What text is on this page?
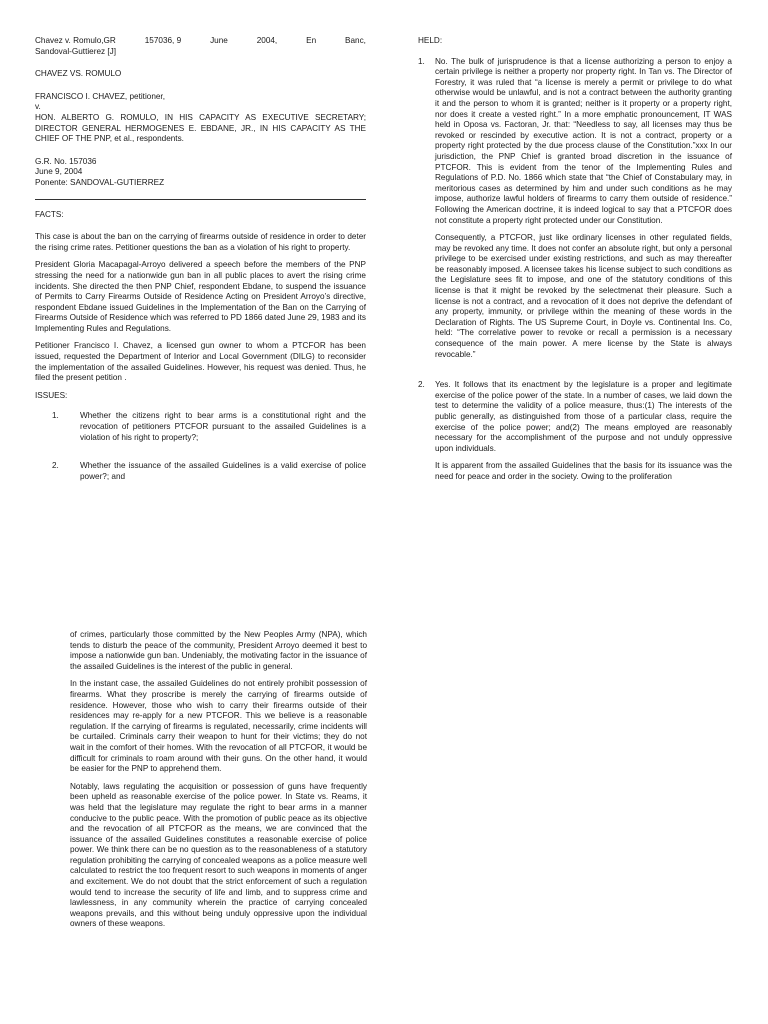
Chavez v. Romulo,GR	157036, 9	June	2004,	En	Banc,
Sandoval-Guttierez [J]
CHAVEZ VS. ROMULO
FRANCISCO I. CHAVEZ, petitioner,
v.

HON. ALBERTO G. ROMULO, IN HIS CAPACITY AS EXECUTIVE SECRETARY; DIRECTOR GENERAL HERMOGENES E. EBDANE, JR., IN HIS CAPACITY AS THE CHIEF OF THE PNP, et al., respondents.

G.R. No. 157036
June 9, 2004
Ponente: SANDOVAL-GUTIERREZ
FACTS:

This case is about the ban on the carrying of firearms outside of residence in order to deter the rising crime rates. Petitioner questions the ban as a violation of his right to property.

President Gloria Macapagal-Arroyo delivered a speech before the members of the PNP stressing the need for a nationwide gun ban in all public places to avert the rising crime incidents. She directed the then PNP Chief, respondent Ebdane, to suspend the issuance of Permits to Carry Firearms Outside of Residence Acting on President Arroyo’s directive, respondent Ebdane issued Guidelines in the Implementation of the Ban on the Carrying of Firearms Outside of Residence which was referred to PD 1866 dated June 29, 1983 and its Implementing Rules and Regulations.

Petitioner Francisco I. Chavez, a licensed gun owner to whom a PTCFOR has been issued, requested the Department of Interior and Local Government (DILG) to reconsider the implementation of the assailed Guidelines. However, his request was denied. Thus, he filed the present petition .

ISSUES:
1.	Whether the citizens right to bear arms is a constitutional right and the revocation of petitioners PTCFOR pursuant to the assailed Guidelines is a violation of his right to property?;
2.	Whether the issuance of the assailed Guidelines is a valid exercise of police power?; and
HELD:
1.	No. The bulk of jurisprudence is that a license authorizing a person to enjoy a certain privilege is neither a property nor property right. In Tan vs. The Director of Forestry, it was ruled that “a license is merely a permit or privilege to do what otherwise would be unlawful, and is not a contract between the authority granting it and the person to whom it is granted; neither is it property or a property right, nor does it create a vested right.” In a more emphatic pronouncement, IT WAS held in Oposa vs. Factoran, Jr. that: “Needless to say, all licenses may thus be revoked or rescinded by executive action. It is not a contract, property or a property right protected by the due process clause of the Constitution.”xxx In our jurisdiction, the PNP Chief is granted broad discretion in the issuance of PTCFOR. This is evident from the tenor of the Implementing Rules and Regulations of P.D. No. 1866 which state that “the Chief of Constabulary may, in meritorious cases as determined by him and under such conditions as he may impose, authorize lawful holders of firearms to carry them outside of residence.” Following the American doctrine, it is indeed logical to say that a PTCFOR does not constitute a property right protected under our Constitution.

Consequently, a PTCFOR, just like ordinary licenses in other regulated fields, may be revoked any time. It does not confer an absolute right, but only a personal privilege to be exercised under existing restrictions, and such as may thereafter be reasonably imposed. A licensee takes his license subject to such conditions as the Legislature sees fit to impose, and one of the statutory conditions of this license is that it might be revoked by the selectmenat their pleasure. Such a license is not a contract, and a revocation of it does not deprive the defendant of any property, immunity, or privilege within the meaning of these words in the Declaration of Rights. The US Supreme Court, in Doyle vs. Continental Ins. Co, held: “The correlative power to revoke or recall a permission is a necessary consequence of the main power. A mere license by the State is always revocable.”

2.	Yes. It follows that its enactment by the legislature is a proper and legitimate exercise of the police power of the state. In a number of cases, we laid down the test to determine the validity of a police measure, thus:(1) The interests of the public generally, as distinguished from those of a particular class, require the exercise of the police power; and(2) The means employed are reasonably necessary for the accomplishment of the purpose and not unduly oppressive upon individuals.

It is apparent from the assailed Guidelines that the basis for its issuance was the need for peace and order in the society. Owing to the proliferation

of crimes, particularly those committed by the New Peoples Army (NPA), which tends to disturb the peace of the community, President Arroyo deemed it best to impose a nationwide gun ban. Undeniably, the motivating factor in the issuance of the assailed Guidelines is the interest of the public in general.

In the instant case, the assailed Guidelines do not entirely prohibit possession of firearms. What they proscribe is merely the carrying of firearms outside of residence. However, those who wish to carry their firearms outside of their residences may re-apply for a new PTCFOR. This we believe is a reasonable regulation. If the carrying of firearms is regulated, necessarily, crime incidents will be curtailed. Criminals carry their weapon to hunt for their victims; they do not wait in the comfort of their homes. With the revocation of all PTCFOR, it would be difficult for criminals to roam around with their guns. On the other hand, it would be easier for the PNP to apprehend them.

Notably, laws regulating the acquisition or possession of guns have frequently been upheld as reasonable exercise of the police power. In State vs. Reams, it was held that the legislature may regulate the right to bear arms in a manner conducive to the public peace. With the promotion of public peace as its objective and the revocation of all PTCFOR as the means, we are convinced that the issuance of the assailed Guidelines constitutes a reasonable exercise of police power. We think there can be no question as to the reasonableness of a statutory regulation prohibiting the carrying of concealed weapons as a police measure well calculated to restrict the too frequent resort to such weapons in moments of anger and excitement. We do not doubt that the strict enforcement of such a regulation would tend to increase the security of life and limb, and to suppress crime and lawlessness, in any community wherein the practice of carrying concealed weapons prevails, and this without being unduly oppressive upon the individual owners of these weapons.
